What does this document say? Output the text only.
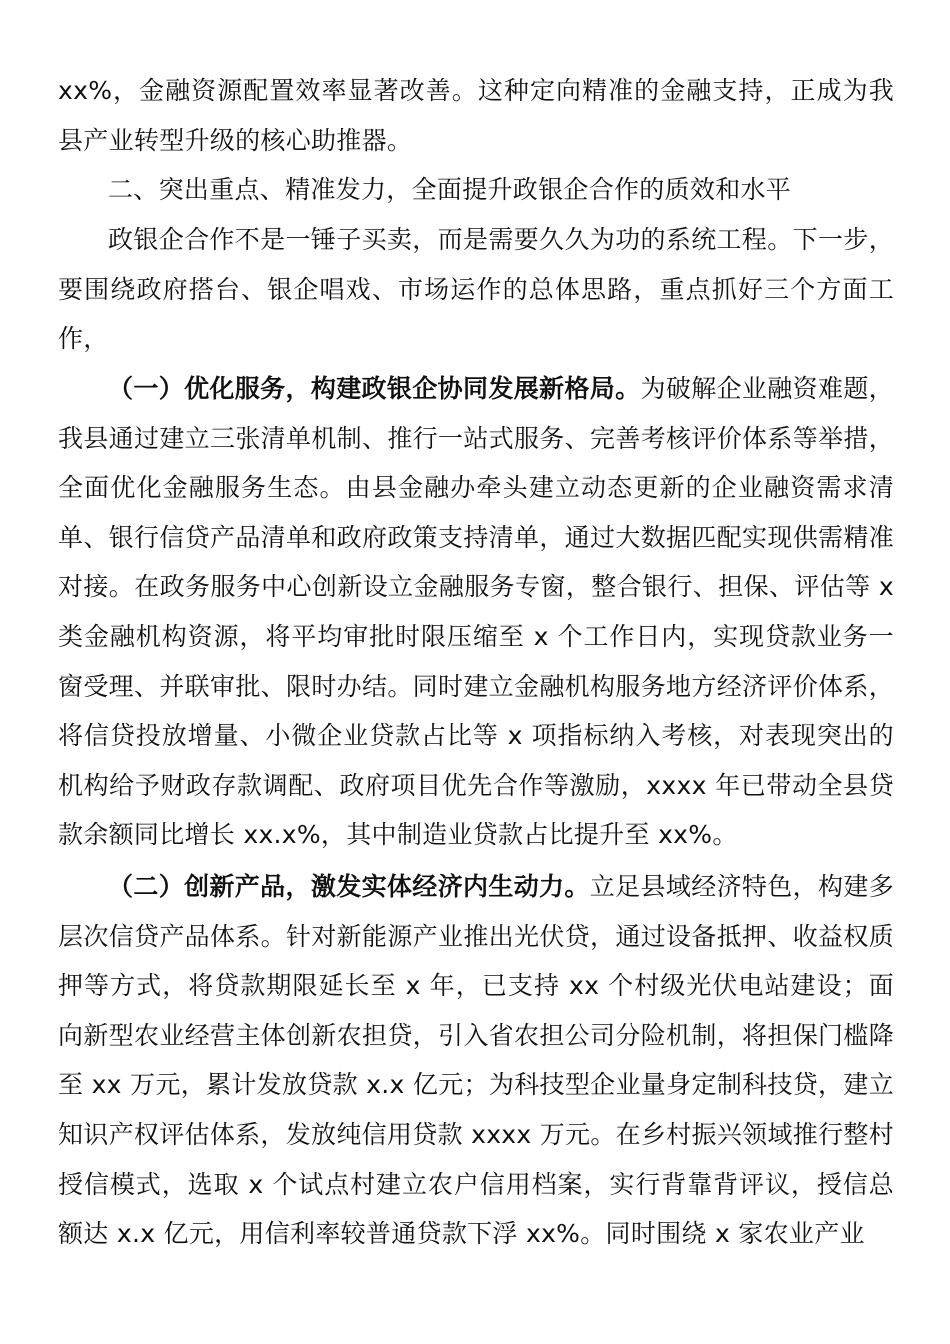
xx%，金融资源配置效率显著改善。这种定向精准的金融支持，正成为我县产业转型升级的核心助推器。

二、突出重点、精准发力，全面提升政银企合作的质效和水平

政银企合作不是一锤子买卖，而是需要久久为功的系统工程。下一步，要围绕政府搭台、银企唱戏、市场运作的总体思路，重点抓好三个方面工作，

（一）优化服务，构建政银企协同发展新格局。为破解企业融资难题，我县通过建立三张清单机制、推行一站式服务、完善考核评价体系等举措，全面优化金融服务生态。由县金融办牵头建立动态更新的企业融资需求清单、银行信贷产品清单和政府政策支持清单，通过大数据匹配实现供需精准对接。在政务服务中心创新设立金融服务专窗，整合银行、担保、评估等 x 类金融机构资源，将平均审批时限压缩至 x 个工作日内，实现贷款业务一窗受理、并联审批、限时办结。同时建立金融机构服务地方经济评价体系，将信贷投放增量、小微企业贷款占比等 x 项指标纳入考核，对表现突出的机构给予财政存款调配、政府项目优先合作等激励，xxxx 年已带动全县贷款余额同比增长 xx.x%，其中制造业贷款占比提升至 xx%。

（二）创新产品，激发实体经济内生动力。立足县域经济特色，构建多层次信贷产品体系。针对新能源产业推出光伏贷，通过设备抵押、收益权质押等方式，将贷款期限延长至 x 年，已支持 xx 个村级光伏电站建设；面向新型农业经营主体创新农担贷，引入省农担公司分险机制，将担保门槛降至 xx 万元，累计发放贷款 x.x 亿元；为科技型企业量身定制科技贷，建立知识产权评估体系，发放纯信用贷款 xxxx 万元。在乡村振兴领域推行整村授信模式，选取 x 个试点村建立农户信用档案，实行背靠背评议，授信总额达 x.x 亿元，用信利率较普通贷款下浮 xx%。同时围绕 x 家农业产业
